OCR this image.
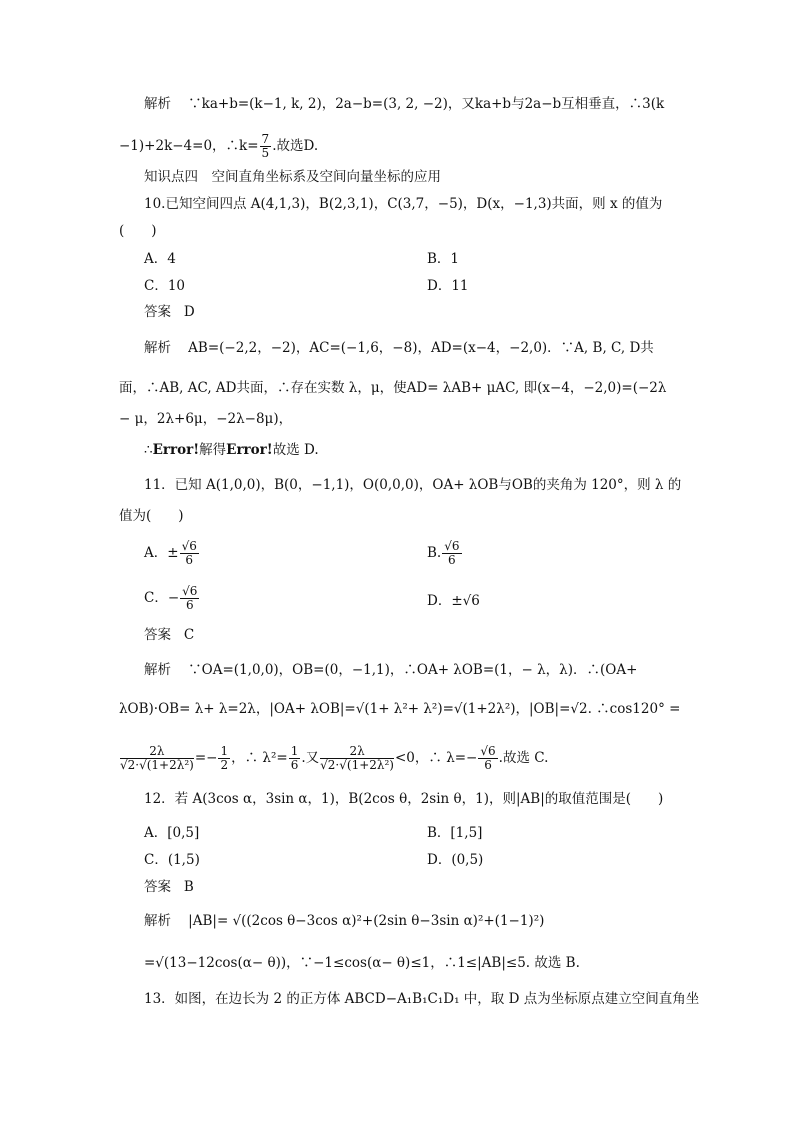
解析 ∵ka+b=(k−1, k, 2)，2a−b=(3, 2, −2)，又ka+b与2a−b互相垂直，∴3(k
−1)+2k−4=0，∴k= $\frac{7}{5}$ .故选D.
知识点四　空间直角坐标系及空间向量坐标的应用
10.已知空间四点 A(4,1,3)，B(2,3,1)，C(3,7，−5)，D(x，−1,3)共面，则 x 的值为
(　　)
A．4	B．1
C．10	D．11
答案 D
解析 AB=(−2,2，−2)，AC=(−1,6，−8)，AD=(x−4，−2,0)．∵A, B, C, D共
面，∴AB, AC, AD共面，∴存在实数 λ，μ，使AD= λAB+ μAC, 即(x−4，−2,0)=(−2λ
− μ，2λ+6μ，−2λ−8μ)，
∴Error!解得Error!故选 D.
11．已知 A(1,0,0)，B(0，−1,1)，O(0,0,0)，OA+ λOB与OB的夹角为 120°，则 λ 的
值为(　　)
A．± $\frac{√6}{6}$	B. $\frac{√6}{6}$
C．− $\frac{√6}{6}$	D．±√6
答案 C
解析 ∵OA=(1,0,0)，OB=(0，−1,1)，∴OA+ λOB=(1，− λ，λ)．∴(OA+
λOB)·OB= λ+ λ=2λ，|OA+ λOB|=√(1+ λ²+ λ²)=√(1+2λ²)，|OB|=√2. ∴cos120° =
$\frac{2\lambda}{\text{√2·√(1+2λ²)}} =- \frac{1}{2}$ ，∴ $\lambda^2= \frac{1}{6}$ .又 $\frac{2\lambda}{\text{√2·√(1+2λ²)}} <0$，∴ $\lambda=- \frac{√6}{6}$ .故选 C.
12．若 A(3cos α，3sin α，1)，B(2cos θ，2sin θ，1)，则|AB|的取值范围是(　　)
A．[0,5]	B．[1,5]
C．(1,5)	D．(0,5)
答案 B
解析 |AB|= √((2cos θ−3cos α)²+(2sin θ−3sin α)²+(1−1)²)
=√(13−12cos(α− θ))，∵−1≤cos(α− θ)≤1，∴1≤|AB|≤5. 故选 B.
13．如图，在边长为 2 的正方体 ABCD−A₁B₁C₁D₁ 中，取 D 点为坐标原点建立空间直角坐
